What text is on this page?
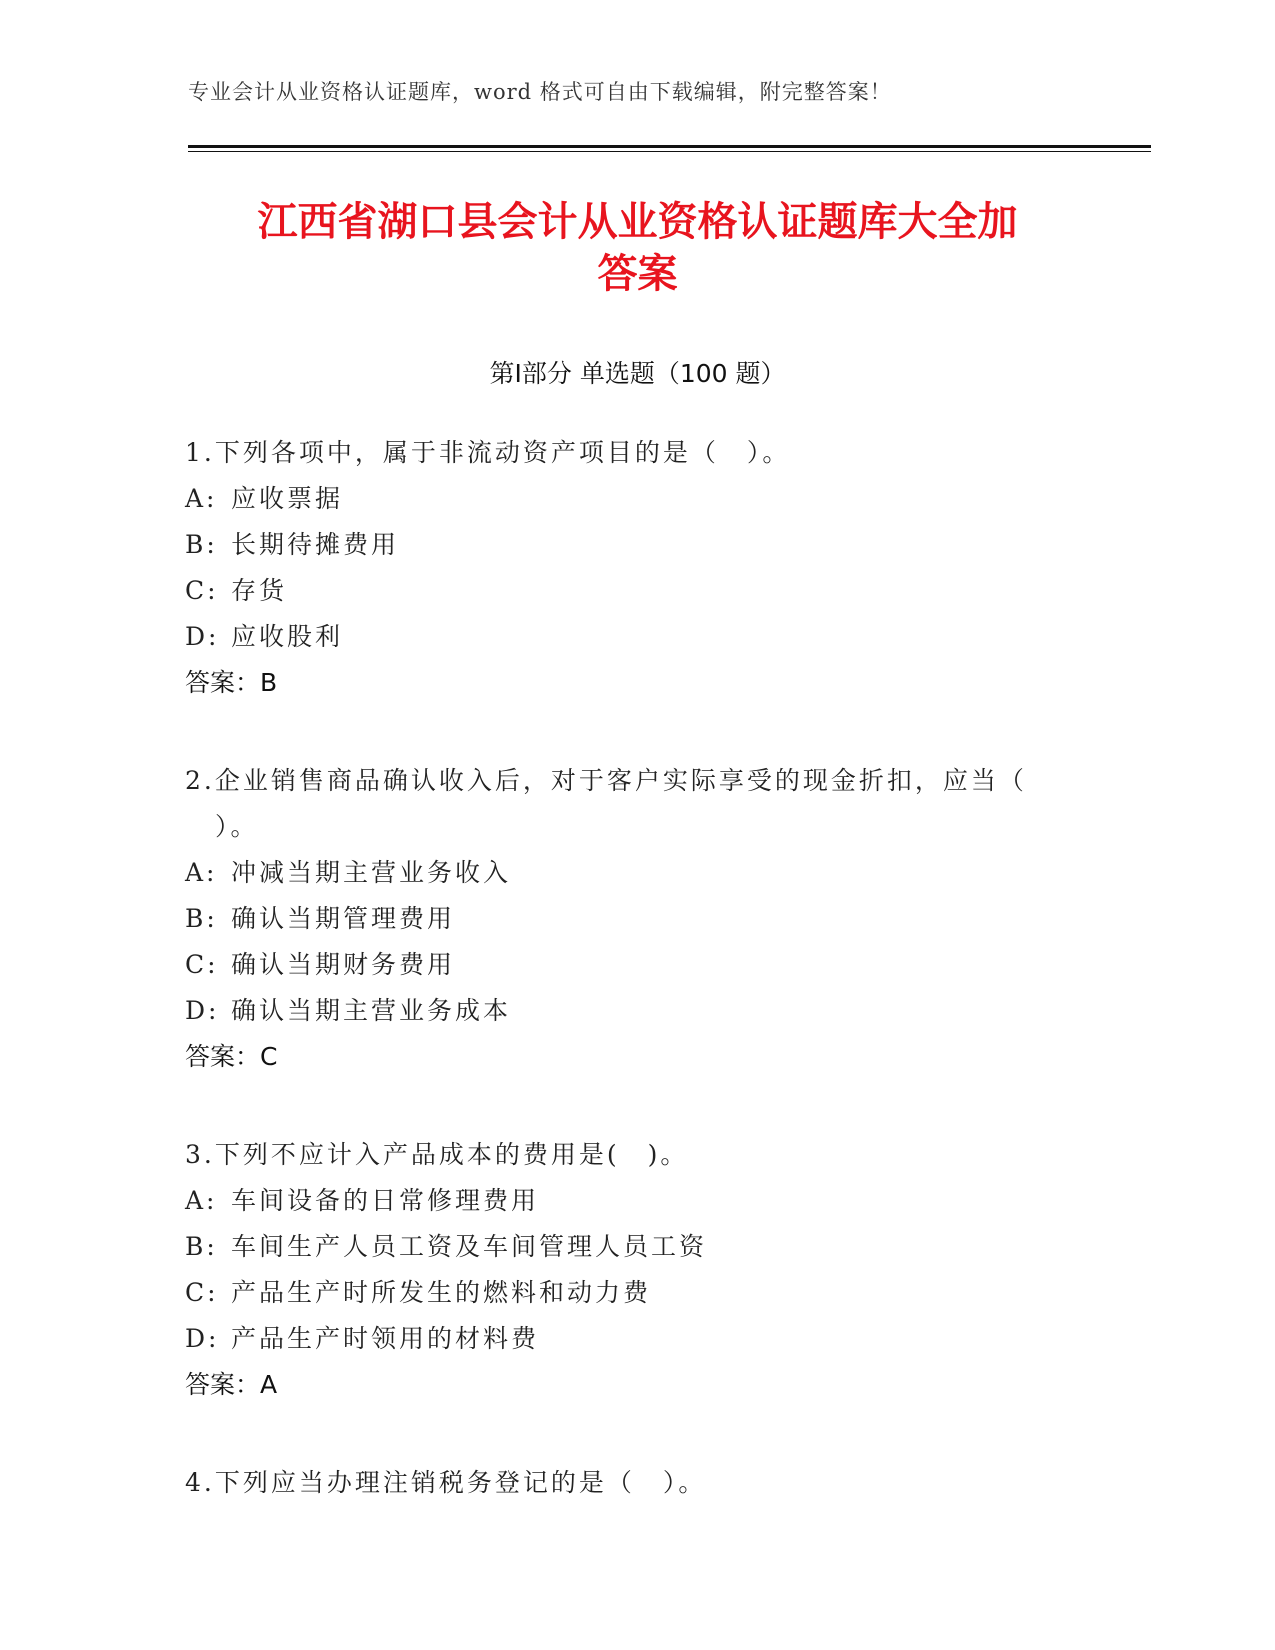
专业会计从业资格认证题库，word 格式可自由下载编辑，附完整答案！
江西省湖口县会计从业资格认证题库大全加
答案
第Ⅰ部分 单选题（100 题）
1.下列各项中，属于非流动资产项目的是（　）。
A: 应收票据
B: 长期待摊费用
C: 存货
D: 应收股利
答案：B
2.企业销售商品确认收入后，对于客户实际享受的现金折扣，应当（
）。
A: 冲减当期主营业务收入
B: 确认当期管理费用
C: 确认当期财务费用
D: 确认当期主营业务成本
答案：C
3.下列不应计入产品成本的费用是(　)。
A: 车间设备的日常修理费用
B: 车间生产人员工资及车间管理人员工资
C: 产品生产时所发生的燃料和动力费
D: 产品生产时领用的材料费
答案：A
4.下列应当办理注销税务登记的是（　）。
